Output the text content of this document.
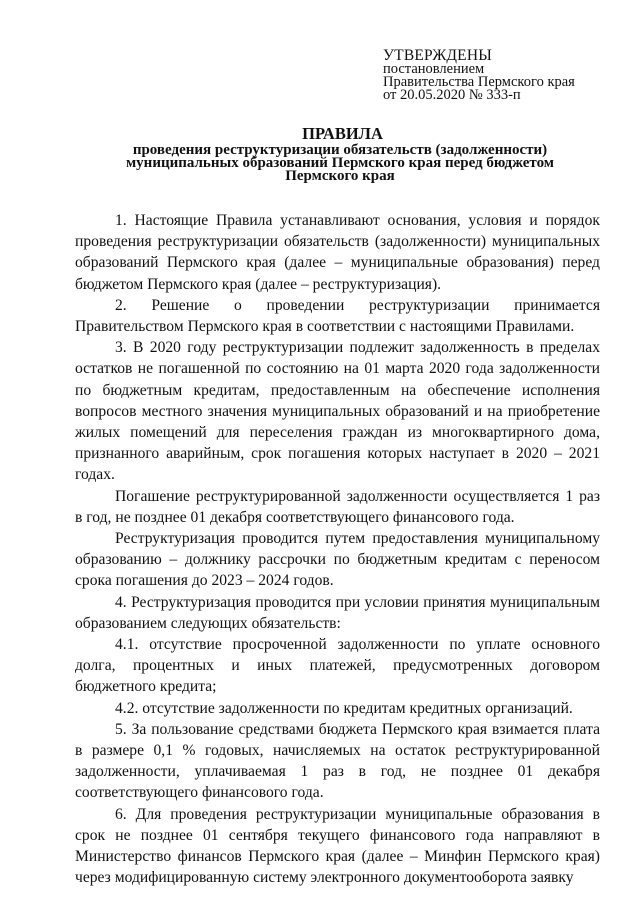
УТВЕРЖДЕНЫ
постановлением
Правительства Пермского края
от 20.05.2020 № 333-п
ПРАВИЛА
проведения реструктуризации обязательств (задолженности)
муниципальных образований Пермского края перед бюджетом
Пермского края

1. Настоящие Правила устанавливают основания, условия и порядок проведения реструктуризации обязательств (задолженности) муниципальных образований Пермского края (далее – муниципальные образования) перед бюджетом Пермского края (далее – реструктуризация).

2. Решение о проведении реструктуризации принимается Правительством Пермского края в соответствии с настоящими Правилами.

3. В 2020 году реструктуризации подлежит задолженность в пределах остатков не погашенной по состоянию на 01 марта 2020 года задолженности по бюджетным кредитам, предоставленным на обеспечение исполнения вопросов местного значения муниципальных образований и на приобретение жилых помещений для переселения граждан из многоквартирного дома, признанного аварийным, срок погашения которых наступает в 2020 – 2021 годах.

Погашение реструктурированной задолженности осуществляется 1 раз в год, не позднее 01 декабря соответствующего финансового года.

Реструктуризация проводится путем предоставления муниципальному образованию – должнику рассрочки по бюджетным кредитам с переносом срока погашения до 2023 – 2024 годов.

4. Реструктуризация проводится при условии принятия муниципальным образованием следующих обязательств:

4.1. отсутствие просроченной задолженности по уплате основного долга, процентных и иных платежей, предусмотренных договором бюджетного кредита;

4.2. отсутствие задолженности по кредитам кредитных организаций.

5. За пользование средствами бюджета Пермского края взимается плата в размере 0,1 % годовых, начисляемых на остаток реструктурированной задолженности, уплачиваемая 1 раз в год, не позднее 01 декабря соответствующего финансового года.

6. Для проведения реструктуризации муниципальные образования в срок не позднее 01 сентября текущего финансового года направляют в Министерство финансов Пермского края (далее – Минфин Пермского края) через модифицированную систему электронного документооборота заявку
